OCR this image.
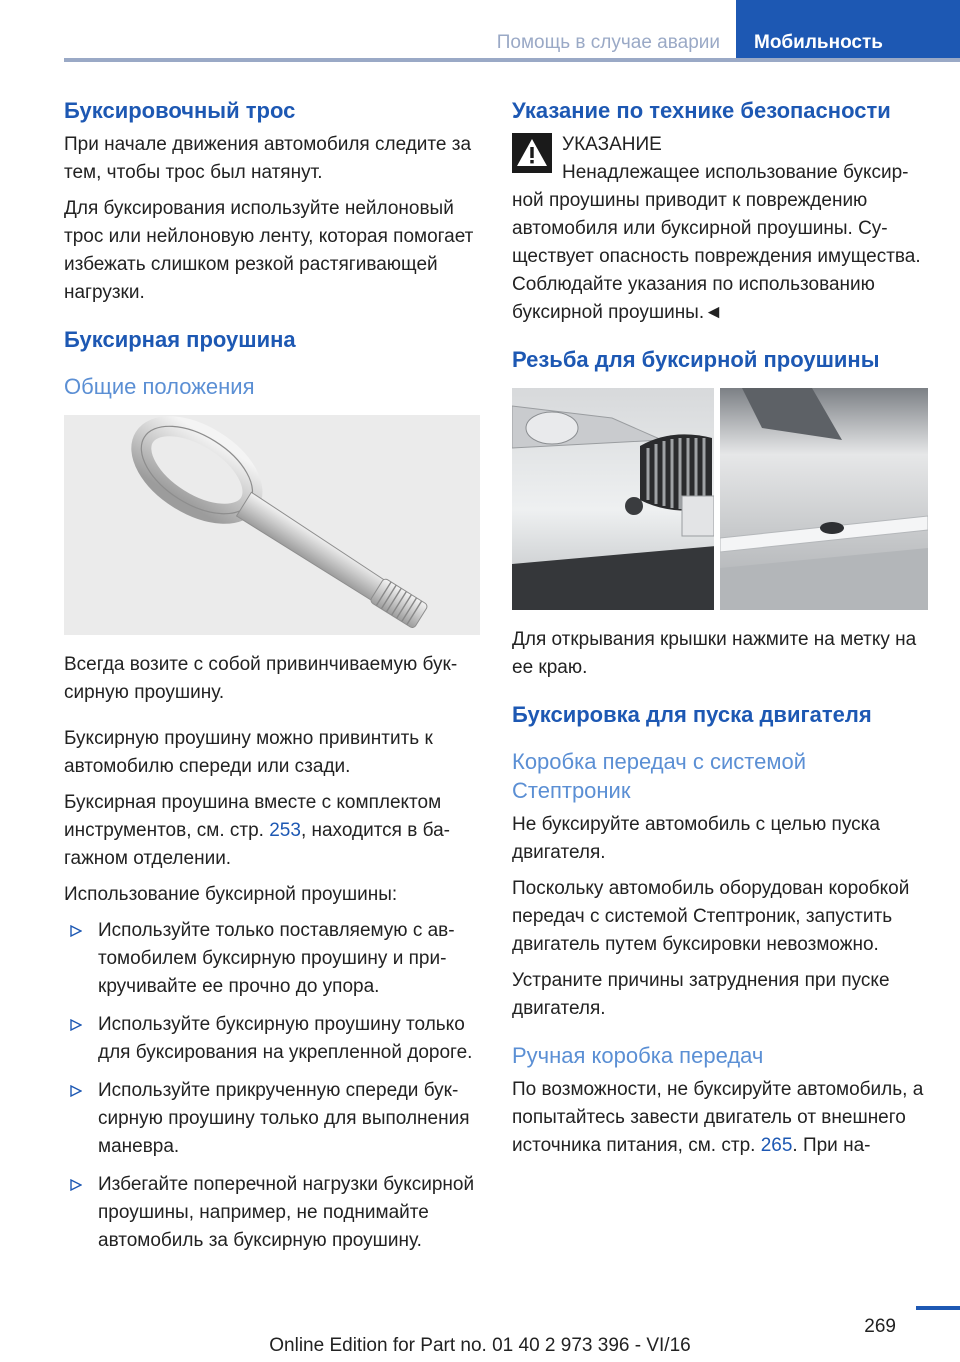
Помощь в случае аварии	Мобильность
Буксировочный трос

При начале движения автомобиля следите за тем, чтобы трос был натянут.

Для буксирования используйте нейлоновый трос или нейлоновую ленту, которая помогает избежать слишком резкой растягивающей нагрузки.

Буксирная проушина
Общие положения

Всегда возите с собой привинчиваемую буксирную проушину.

Буксирную проушину можно привинтить к автомобилю спереди или сзади.

Буксирная проушина вместе с комплектом инструментов, см. стр. 253, находится в багажном отделении.

Использование буксирной проушины:

Используйте только поставляемую с автомобилем буксирную проушину и прикручивайте ее прочно до упора.
Используйте буксирную проушину только для буксирования на укрепленной дороге.
Используйте прикрученную спереди буксирную проушину только для выполнения маневра.
Избегайте поперечной нагрузки буксирной проушины, например, не поднимайте автомобиль за буксирную проушину.
Указание по технике безопасности
УКАЗАНИЕ

Ненадлежащее использование буксирной проушины приводит к повреждению автомобиля или буксирной проушины. Существует опасность повреждения имущества. Соблюдайте указания по использованию буксирной проушины.◄

Резьба для буксирной проушины

Для открывания крышки нажмите на метку на ее краю.

Буксировка для пуска двигателя
Коробка передач с системой Стептроник

Не буксируйте автомобиль с целью пуска двигателя.

Поскольку автомобиль оборудован коробкой передач с системой Стептроник, запустить двигатель путем буксировки невозможно.

Устраните причины затруднения при пуске двигателя.

Ручная коробка передач

По возможности, не буксируйте автомобиль, а попытайтесь завести двигатель от внешнего источника питания, см. стр. 265. При на-

269
Online Edition for Part no. 01 40 2 973 396 - VI/16
